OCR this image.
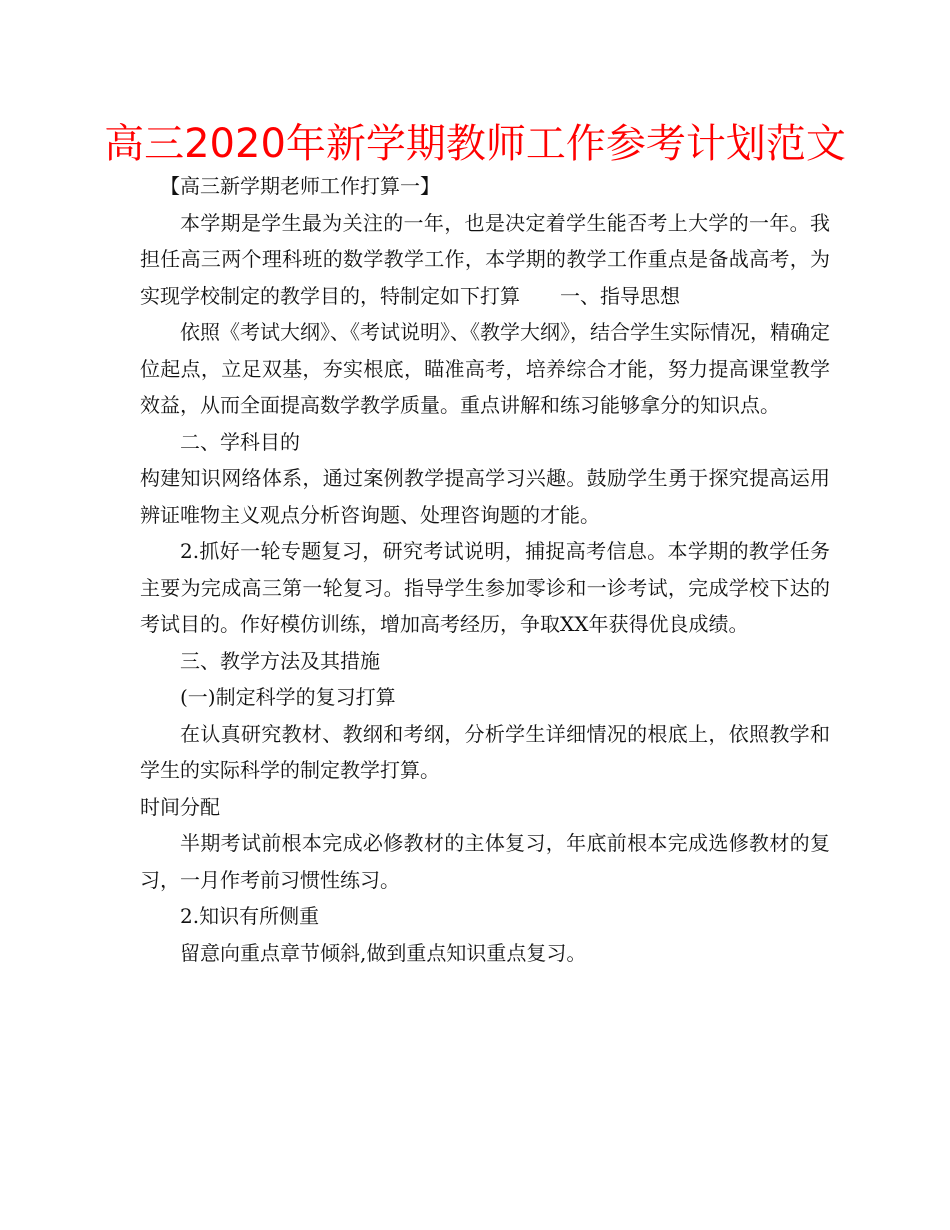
高三2020年新学期教师工作参考计划范文

【高三新学期老师工作打算一】

本学期是学生最为关注的一年，也是决定着学生能否考上大学的一年。我担任高三两个理科班的数学教学工作，本学期的教学工作重点是备战高考，为实现学校制定的教学目的，特制定如下打算　　一、指导思想

依照《考试大纲》、《考试说明》、《教学大纲》，结合学生实际情况，精确定位起点，立足双基，夯实根底，瞄准高考，培养综合才能，努力提高课堂教学效益，从而全面提高数学教学质量。重点讲解和练习能够拿分的知识点。

二、学科目的

构建知识网络体系，通过案例教学提高学习兴趣。鼓励学生勇于探究提高运用辨证唯物主义观点分析咨询题、处理咨询题的才能。

2.抓好一轮专题复习，研究考试说明，捕捉高考信息。本学期的教学任务主要为完成高三第一轮复习。指导学生参加零诊和一诊考试，完成学校下达的考试目的。作好模仿训练，增加高考经历，争取XX年获得优良成绩。

三、教学方法及其措施

(一)制定科学的复习打算

在认真研究教材、教纲和考纲，分析学生详细情况的根底上，依照教学和学生的实际科学的制定教学打算。

时间分配

半期考试前根本完成必修教材的主体复习，年底前根本完成选修教材的复习，一月作考前习惯性练习。

2.知识有所侧重

留意向重点章节倾斜,做到重点知识重点复习。
